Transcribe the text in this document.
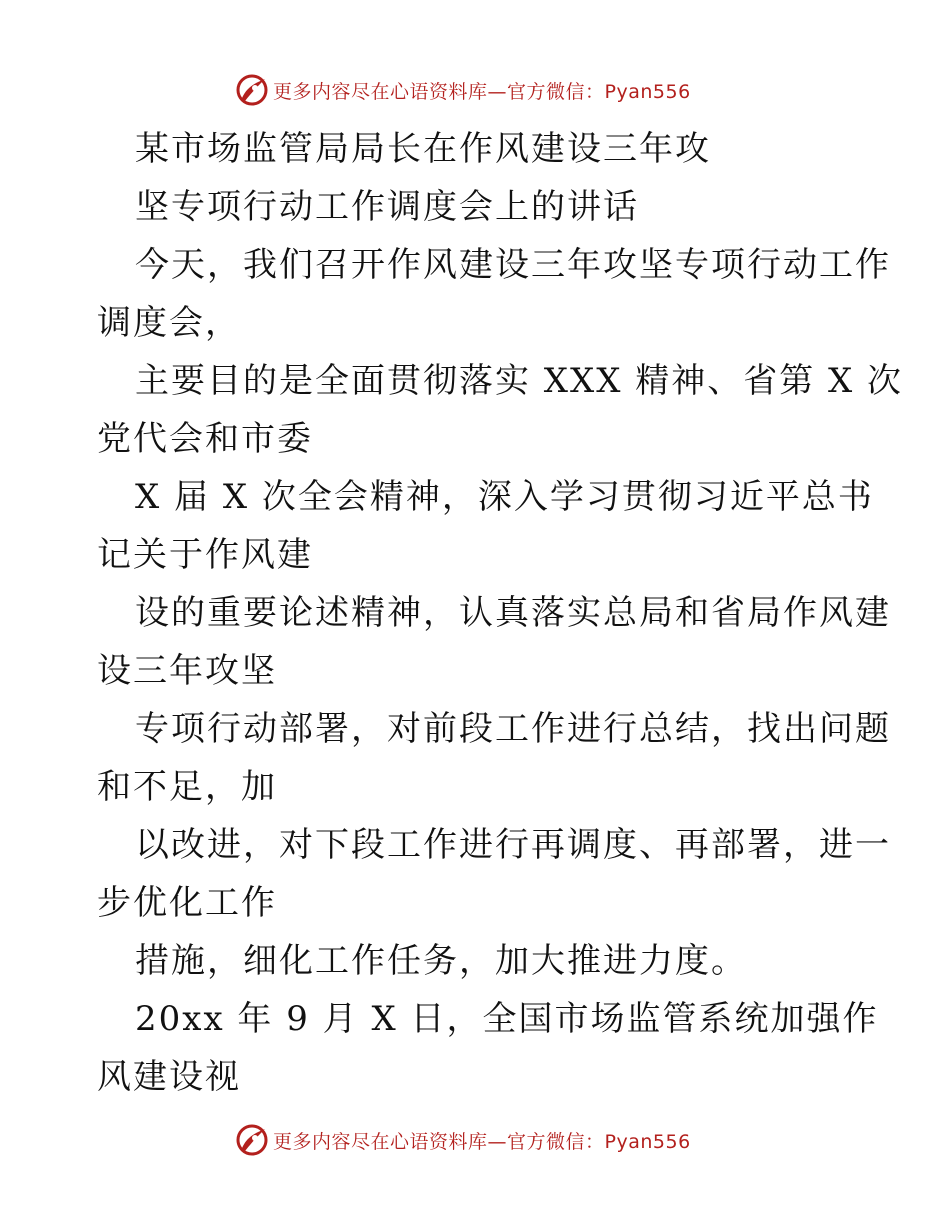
更多内容尽在心语资料库—官方微信：Pyan556

某市场监管局局长在作风建设三年攻

坚专项行动工作调度会上的讲话

今天，我们召开作风建设三年攻坚专项行动工作

调度会，

主要目的是全面贯彻落实 XXX 精神、省第 X 次

党代会和市委

X 届 X 次全会精神，深入学习贯彻习近平总书

记关于作风建

设的重要论述精神，认真落实总局和省局作风建

设三年攻坚

专项行动部署，对前段工作进行总结，找出问题

和不足，加

以改进，对下段工作进行再调度、再部署，进一

步优化工作

措施，细化工作任务，加大推进力度。

20xx 年 9 月 X 日，全国市场监管系统加强作

风建设视

更多内容尽在心语资料库—官方微信：Pyan556
